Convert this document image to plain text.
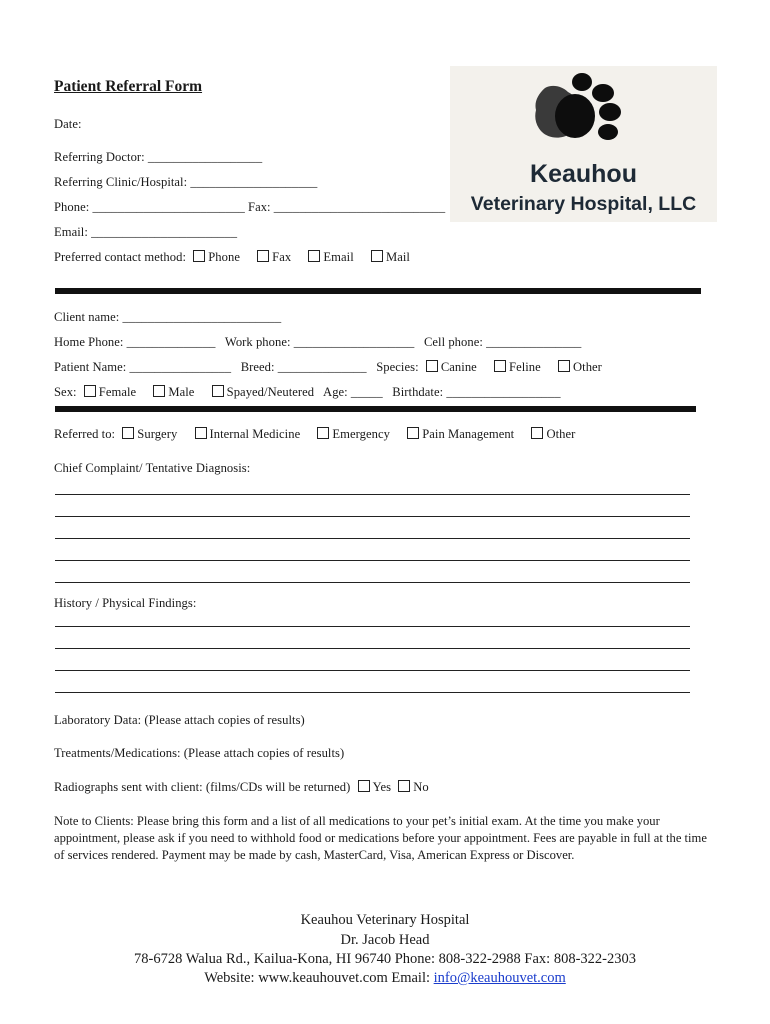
Patient Referral Form
Date:
Referring Doctor: __________________
Referring Clinic/Hospital: ____________________
Phone: ________________________ Fax: ___________________________
Email: _______________________
Preferred contact method: Phone	Fax	Email	Mail
Keauhou
Veterinary Hospital, LLC
Client name: _________________________
Home Phone: ______________ Work phone: ___________________ Cell phone: _______________
Patient Name: ________________ Breed: ______________ Species: Canine	Feline	Other
Sex: Female	Male	Spayed/Neutered Age: _____ Birthdate: __________________
Referred to: Surgery	Internal Medicine	Emergency	Pain Management	Other
Chief Complaint/ Tentative Diagnosis:
History / Physical Findings:
Laboratory Data: (Please attach copies of results)
Treatments/Medications: (Please attach copies of results)
Radiographs sent with client: (films/CDs will be returned) Yes No
Note to Clients: Please bring this form and a list of all medications to your pet’s initial exam. At the time you make your appointment, please ask if you need to withhold food or medications before your appointment. Fees are payable in full at the time of services rendered. Payment may be made by cash, MasterCard, Visa, American Express or Discover.
Keauhou Veterinary Hospital
Dr. Jacob Head
78-6728 Walua Rd., Kailua-Kona, HI 96740 Phone: 808-322-2988 Fax: 808-322-2303
Website: www.keauhouvet.com Email: info@keauhouvet.com
